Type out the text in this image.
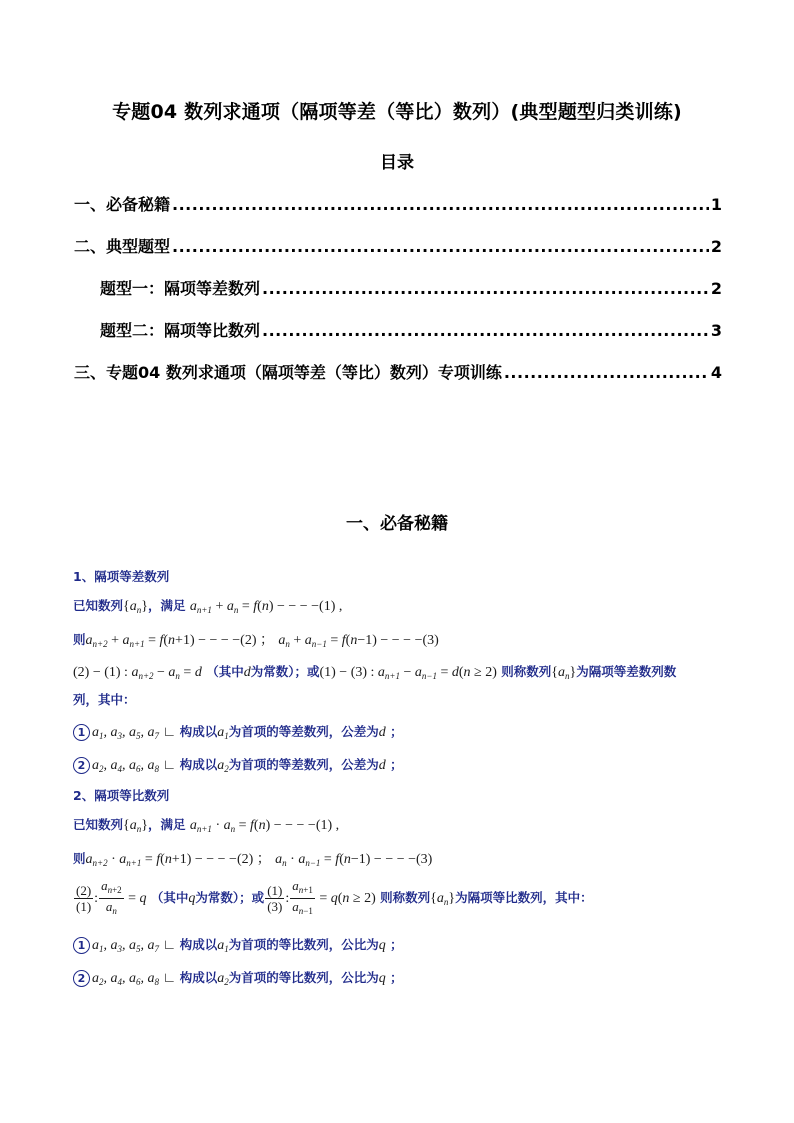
专题04 数列求通项（隔项等差（等比）数列）(典型题型归类训练)
目录
一、必备秘籍 .....	1
二、典型题型 .....	2
题型一：隔项等差数列 .....	2
题型二：隔项等比数列 .....	3
三、专题04 数列求通项（隔项等差（等比）数列）专项训练 .....	4
一、必备秘籍
1、隔项等差数列
已知数列$\{a_n\}$，满足 $a_{n+1} + a_n = f(n)$ − − − −(1) ,
则$a_{n+2} + a_{n+1} = f(n+1)$ − − − −(2) ； $a_n + a_{n-1} = f(n-1)$ − − − −(3)
(2) − (1) : $a_{n+2} - a_n = d$ （其中d为常数）；或(1) − (3) : $a_{n+1} - a_{n-1} = d(n \ge 2)$ 则称数列$\{a_n\}$为隔项等差数列数
列，其中：
1 $a_1$, $a_3$, $a_5$, $a_7$ ∟ 构成以$a_1$为首项的等差数列，公差为d ；
2 $a_2$, $a_4$, $a_6$, $a_8$ ∟ 构成以$a_2$为首项的等差数列，公差为d ；
2、隔项等比数列
已知数列$\{a_n\}$，满足 $a_{n+1} \cdot a_n = f(n)$ − − − −(1) ,
则$a_{n+2} \cdot a_{n+1} = f(n+1)$ − − − −(2) ； $a_n \cdot a_{n-1} = f(n-1)$ − − − −(3)
$\frac{(2)}{(1)}$ : $\frac{a_{n+2}}{a_n} = q$ （其中q为常数）；或 $\frac{(1)}{(3)}$ : $\frac{a_{n+1}}{a_{n-1}} = q(n \ge 2)$ 则称数列$\{a_n\}$为隔项等比数列，其中：
1 $a_1$, $a_3$, $a_5$, $a_7$ ∟ 构成以$a_1$为首项的等比数列，公比为q ；
2 $a_2$, $a_4$, $a_6$, $a_8$ ∟ 构成以$a_2$为首项的等比数列，公比为q ；
